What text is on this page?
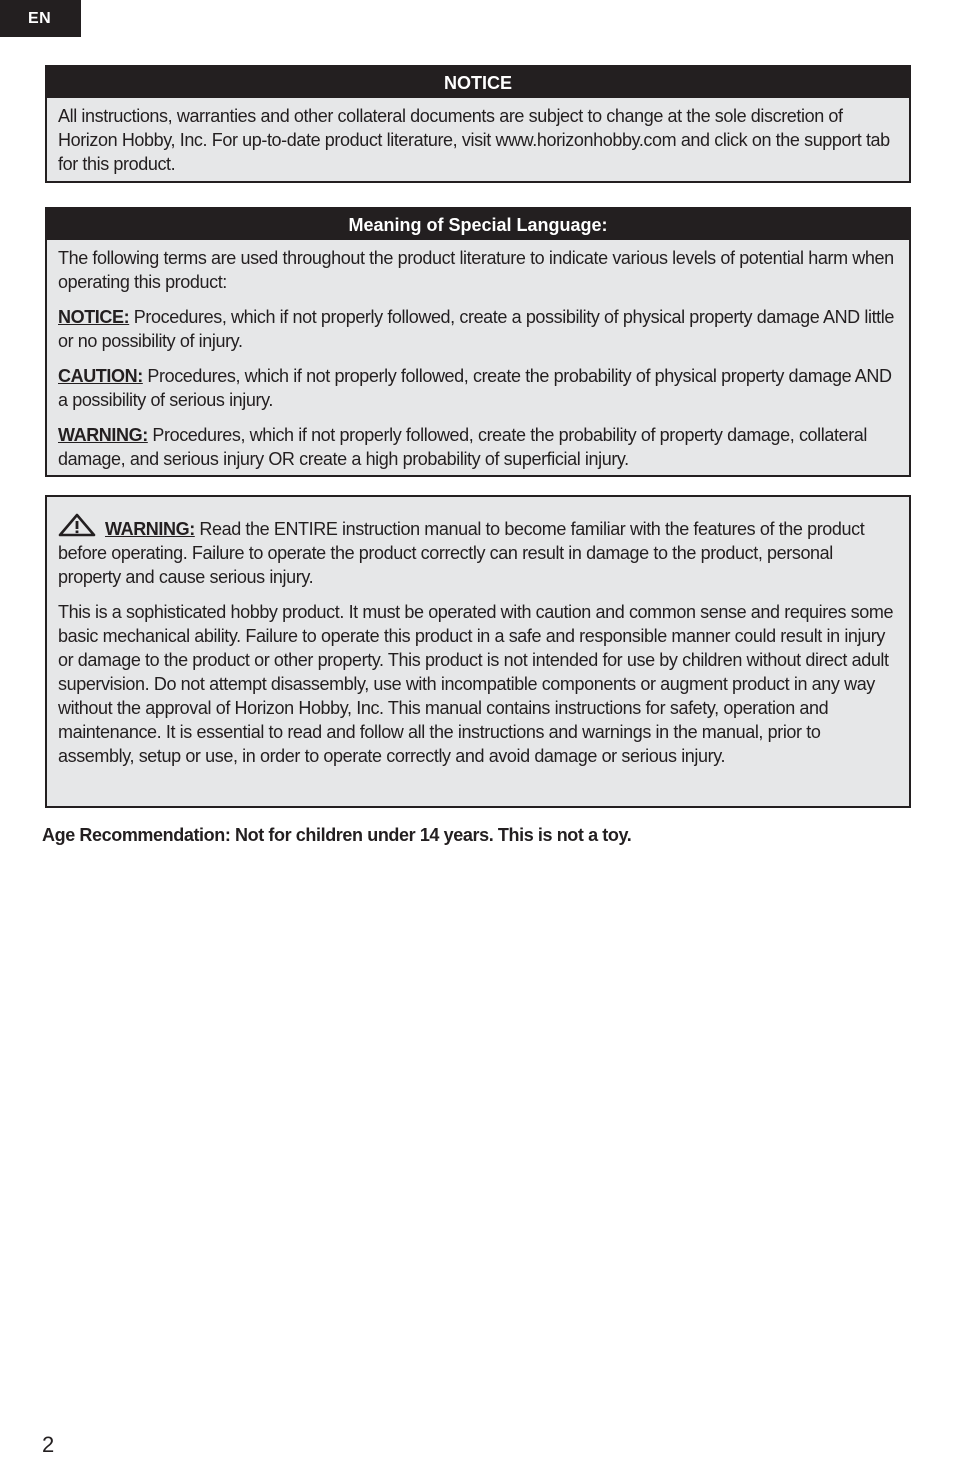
EN
NOTICE

All instructions, warranties and other collateral documents are subject to change at the sole discretion of Horizon Hobby, Inc. For up-to-date product literature, visit www.horizonhobby.com and click on the support tab for this product.

Meaning of Special Language:

The following terms are used throughout the product literature to indicate various levels of potential harm when operating this product:

NOTICE: Procedures, which if not properly followed, create a possibility of physical property damage AND little or no possibility of injury.

CAUTION: Procedures, which if not properly followed, create the probability of physical property damage AND a possibility of serious injury.

WARNING: Procedures, which if not properly followed, create the probability of property damage, collateral damage, and serious injury OR create a high probability of superficial injury.

WARNING: Read the ENTIRE instruction manual to become familiar with the features of the product before operating. Failure to operate the product correctly can result in damage to the product, personal property and cause serious injury.

This is a sophisticated hobby product. It must be operated with caution and common sense and requires some basic mechanical ability. Failure to operate this product in a safe and responsible manner could result in injury or damage to the product or other property. This product is not intended for use by children without direct adult supervision. Do not attempt disassembly, use with incompatible components or augment product in any way without the approval of Horizon Hobby, Inc. This manual contains instructions for safety, operation and maintenance. It is essential to read and follow all the instructions and warnings in the manual, prior to assembly, setup or use, in order to operate correctly and avoid damage or serious injury.

Age Recommendation: Not for children under 14 years. This is not a toy.
2
